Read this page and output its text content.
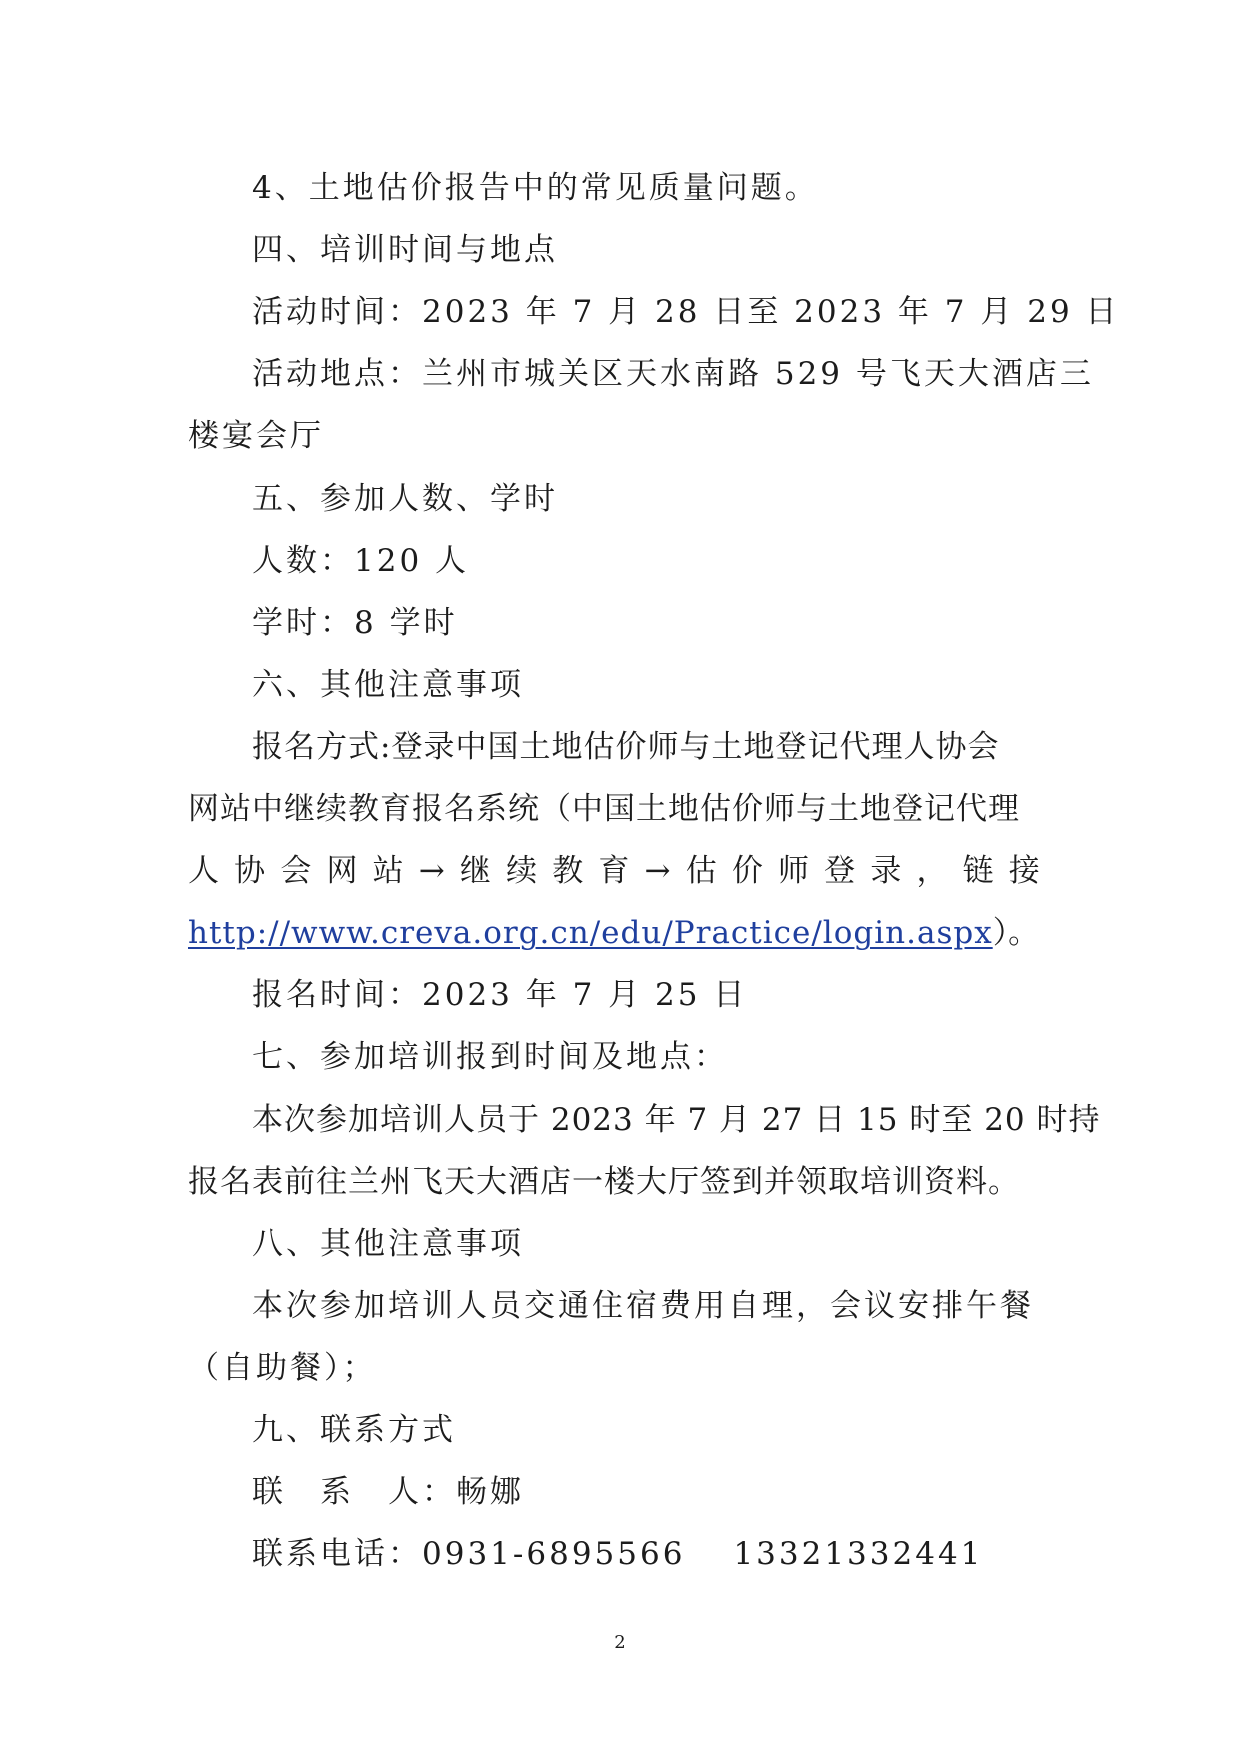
4、土地估价报告中的常见质量问题。
四、培训时间与地点
活动时间：2023 年 7 月 28 日至 2023 年 7 月 29 日
活动地点：兰州市城关区天水南路 529 号飞天大酒店三
楼宴会厅
五、参加人数、学时
人数：120 人
学时：8 学时
六、其他注意事项
报名方式:登录中国土地估价师与土地登记代理人协会
网站中继续教育报名系统（中国土地估价师与土地登记代理
人 协 会 网 站 → 继 续 教 育 → 估 价 师 登 录 ， 链 接
http://www.creva.org.cn/edu/Practice/login.aspx）。
报名时间：2023 年 7 月 25 日
七、参加培训报到时间及地点：
本次参加培训人员于 2023 年 7 月 27 日 15 时至 20 时持
报名表前往兰州飞天大酒店一楼大厅签到并领取培训资料。
八、其他注意事项
本次参加培训人员交通住宿费用自理，会议安排午餐
（自助餐）；
九、联系方式
联　系　人：畅娜
联系电话：0931-6895566 13321332441
2
